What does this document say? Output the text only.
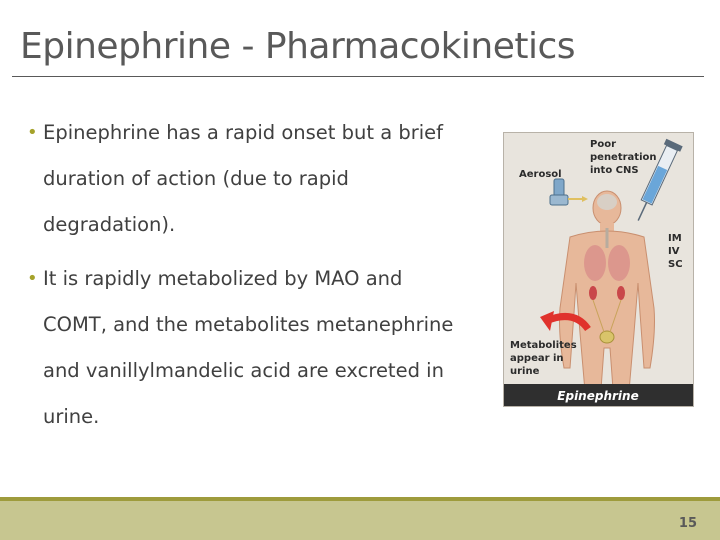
Epinephrine - Pharmacokinetics
• Epinephrine has a rapid onset but a brief duration of action (due to rapid degradation).
• It is rapidly metabolized by MAO and COMT, and the metabolites metanephrine and vanillylmandelic acid are excreted in urine.
Poor penetration into CNS
Aerosol
IM IV SC
Metabolites appear in urine
Epinephrine
15
